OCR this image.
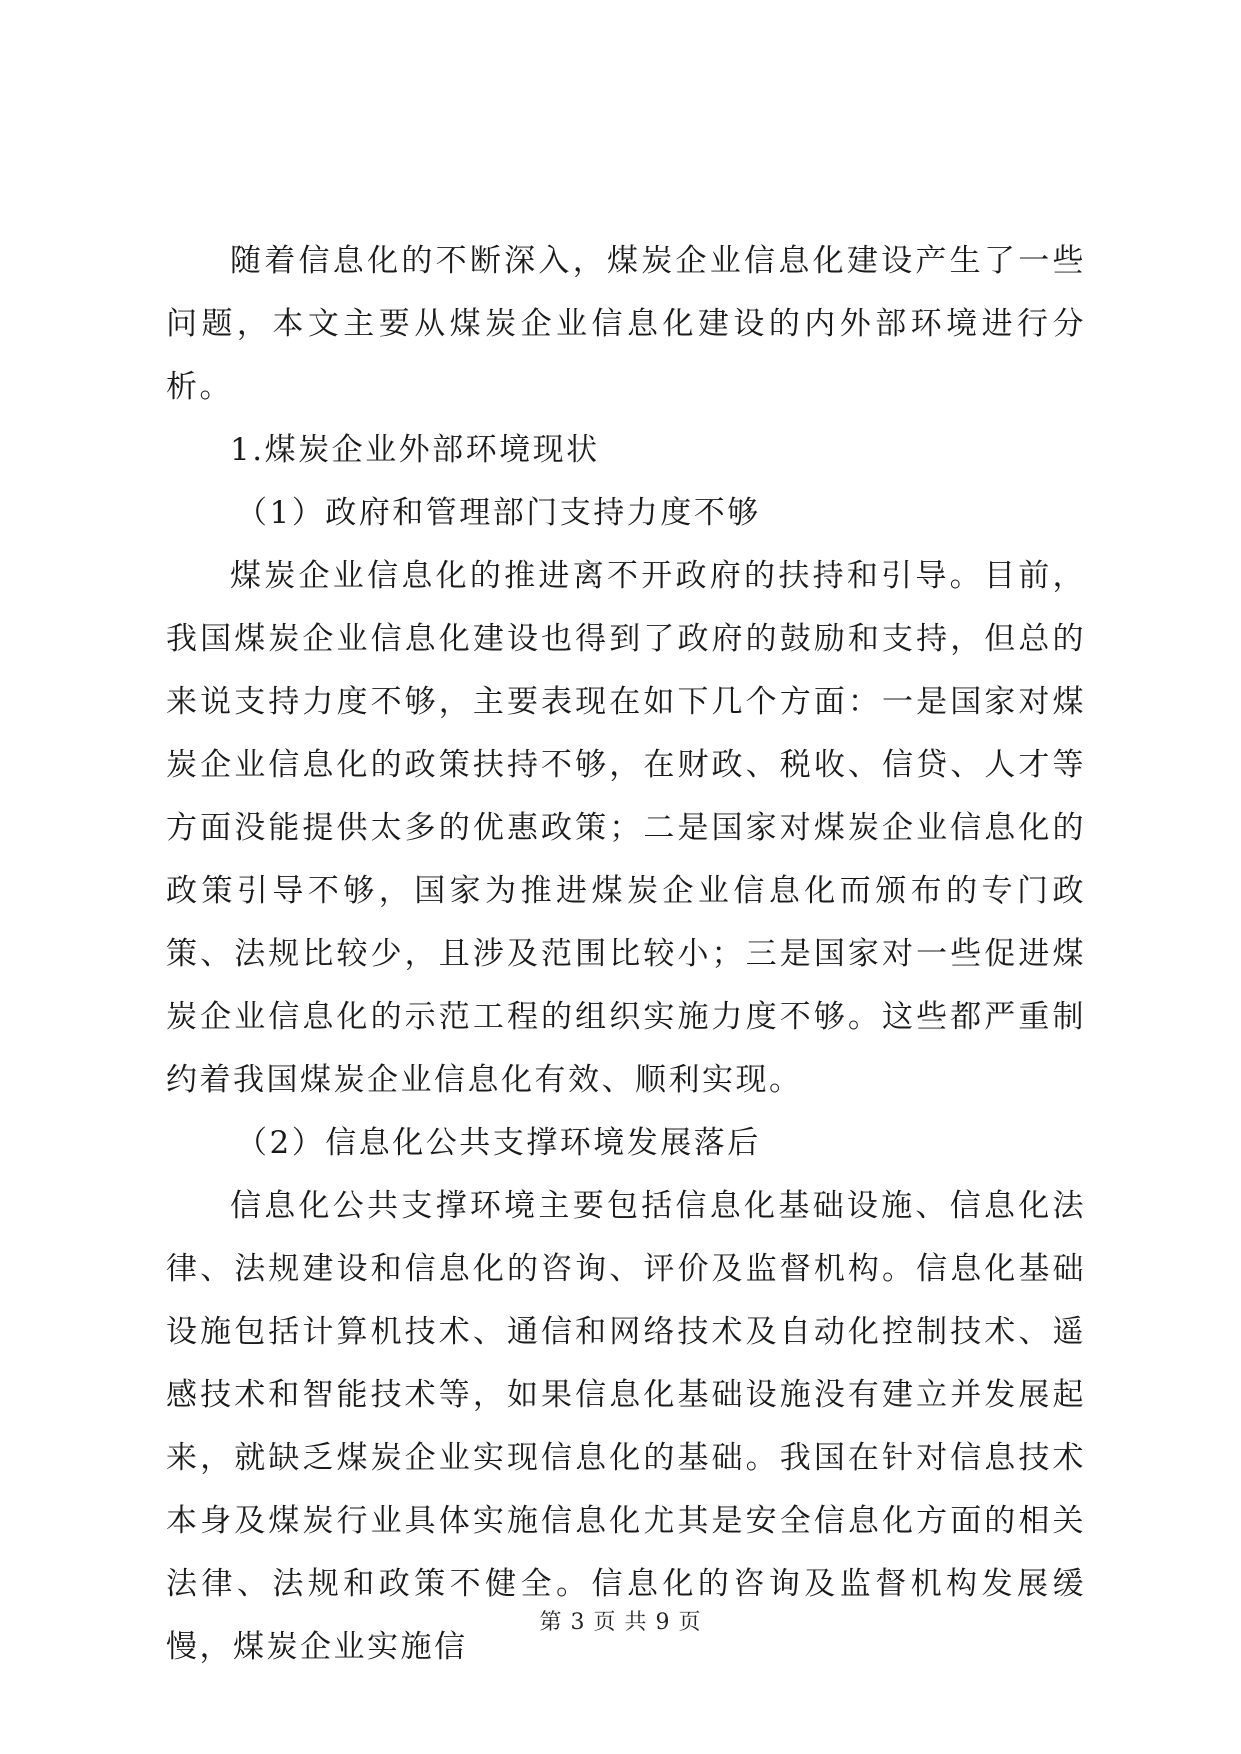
随着信息化的不断深入，煤炭企业信息化建设产生了一些问题，本文主要从煤炭企业信息化建设的内外部环境进行分析。

1.煤炭企业外部环境现状

（1）政府和管理部门支持力度不够

煤炭企业信息化的推进离不开政府的扶持和引导。目前，我国煤炭企业信息化建设也得到了政府的鼓励和支持，但总的来说支持力度不够，主要表现在如下几个方面：一是国家对煤炭企业信息化的政策扶持不够，在财政、税收、信贷、人才等方面没能提供太多的优惠政策；二是国家对煤炭企业信息化的政策引导不够，国家为推进煤炭企业信息化而颁布的专门政策、法规比较少，且涉及范围比较小；三是国家对一些促进煤炭企业信息化的示范工程的组织实施力度不够。这些都严重制约着我国煤炭企业信息化有效、顺利实现。

（2）信息化公共支撑环境发展落后

信息化公共支撑环境主要包括信息化基础设施、信息化法律、法规建设和信息化的咨询、评价及监督机构。信息化基础设施包括计算机技术、通信和网络技术及自动化控制技术、遥感技术和智能技术等，如果信息化基础设施没有建立并发展起来，就缺乏煤炭企业实现信息化的基础。我国在针对信息技术本身及煤炭行业具体实施信息化尤其是安全信息化方面的相关法律、法规和政策不健全。信息化的咨询及监督机构发展缓慢，煤炭企业实施信

第 3 页 共 9 页
